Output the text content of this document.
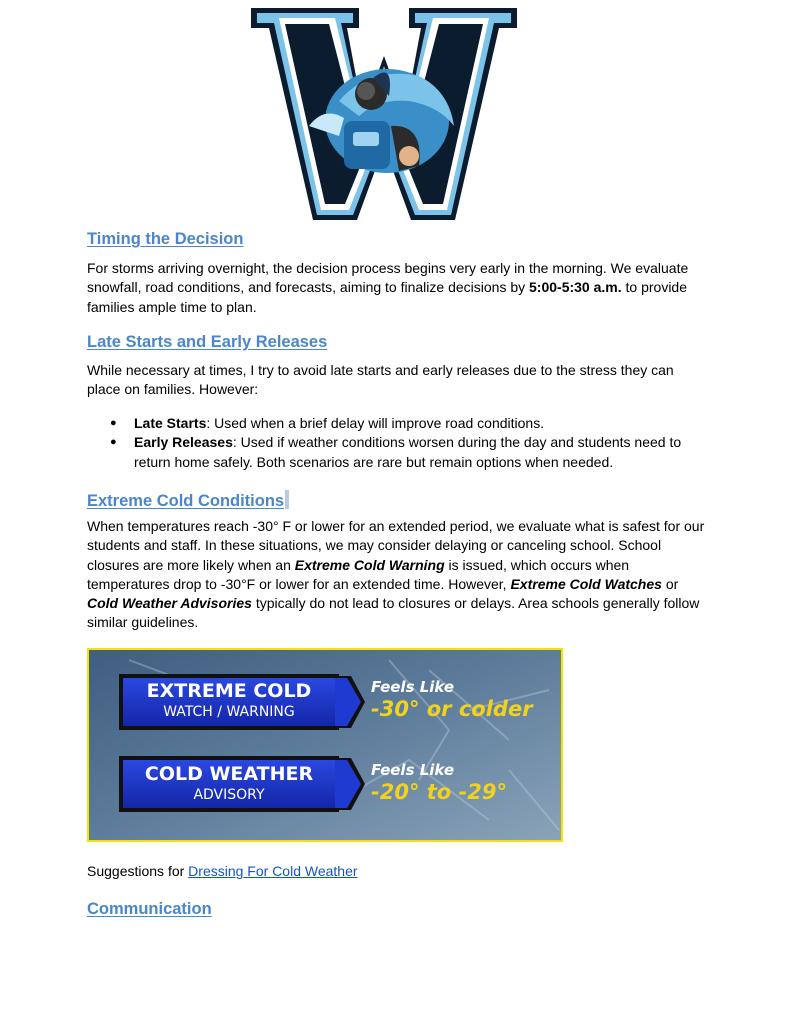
Timing the Decision

For storms arriving overnight, the decision process begins very early in the morning. We evaluate snowfall, road conditions, and forecasts, aiming to finalize decisions by 5:00-5:30 a.m. to provide families ample time to plan.

Late Starts and Early Releases

While necessary at times, I try to avoid late starts and early releases due to the stress they can place on families. However:

● Late Starts: Used when a brief delay will improve road conditions.
● Early Releases: Used if weather conditions worsen during the day and students need to return home safely. Both scenarios are rare but remain options when needed.
Extreme Cold Conditions

When temperatures reach -30° F or lower for an extended period, we evaluate what is safest for our students and staff. In these situations, we may consider delaying or canceling school. School closures are more likely when an Extreme Cold Warning is issued, which occurs when temperatures drop to -30°F or lower for an extended time. However, Extreme Cold Watches or Cold Weather Advisories typically do not lead to closures or delays. Area schools generally follow similar guidelines.

EXTREME COLD
WATCH / WARNING
COLD WEATHER
ADVISORY
Feels Like
-30° or colder
Feels Like
-20° to -29°

Suggestions for Dressing For Cold Weather

Communication
